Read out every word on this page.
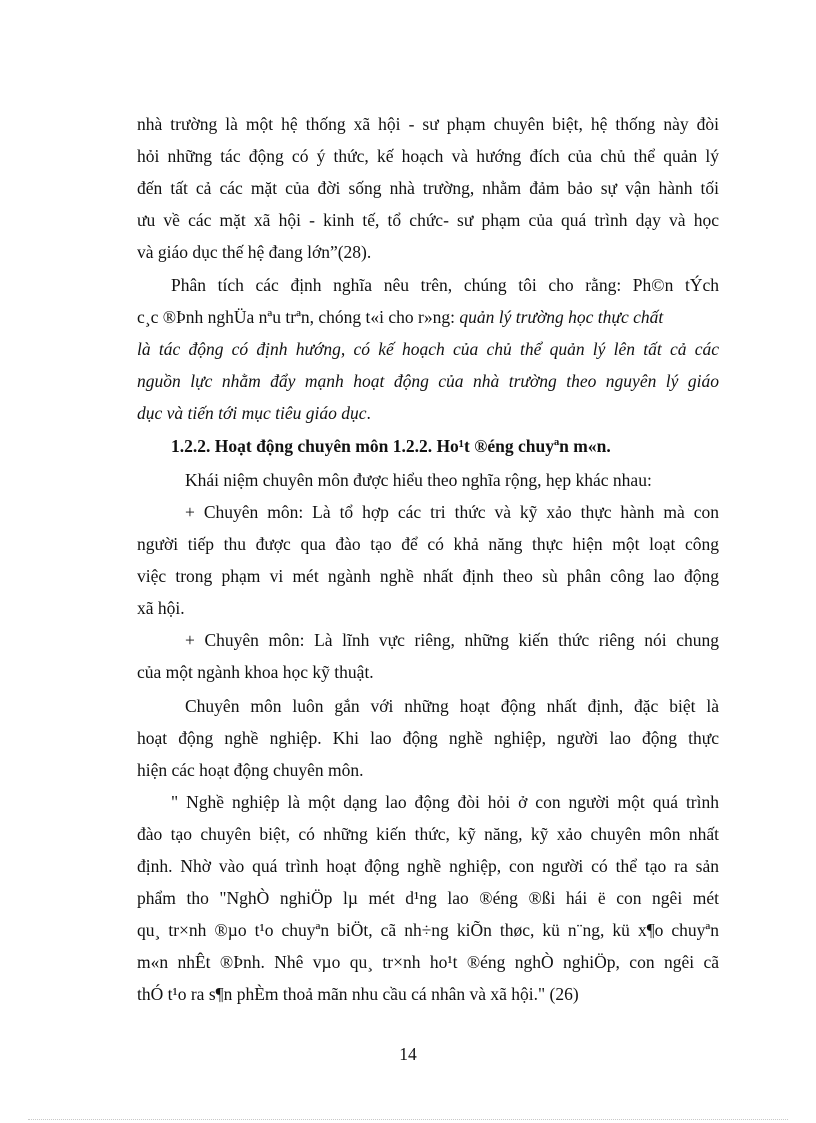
nhà trường là một hệ thống xã hội - sư phạm chuyên biệt, hệ thống này đòi
hỏi những tác động có ý thức, kế hoạch và hướng đích của chủ thể quản lý
đến tất cả các mặt của đời sống nhà trường, nhằm đảm bảo sự vận hành tối
ưu về các mặt xã hội - kinh tế, tổ chức- sư phạm của quá trình dạy và học
và giáo dục thế hệ đang lớn”(28).
Phân tích các định nghĩa nêu trên, chúng tôi cho rằng: Ph©n tÝch
c¸c ®Þnh nghÜa nªu trªn, chóng t«i cho r»ng: quản lý trường học thực chất
là tác động có định hướng, có kế hoạch của chủ thể quản lý lên tất cả các
nguồn lực nhằm đẩy mạnh hoạt động của nhà trường theo nguyên lý giáo
dục và tiến tới mục tiêu giáo dục.
1.2.2. Hoạt động chuyên môn 1.2.2. Ho¹t ®éng chuyªn m«n.
Khái niệm chuyên môn được hiểu theo nghĩa rộng, hẹp khác nhau:
+ Chuyên môn: Là tổ hợp các tri thức và kỹ xảo thực hành mà con
người tiếp thu được qua đào tạo để có khả năng thực hiện một loạt công
việc trong phạm vi mét ngành nghề nhất định theo sù phân công lao động
xã hội.
+ Chuyên môn: Là lĩnh vực riêng, những kiến thức riêng nói chung
của một ngành khoa học kỹ thuật.
Chuyên môn luôn gắn với những hoạt động nhất định, đặc biệt là
hoạt động nghề nghiệp. Khi lao động nghề nghiệp, người lao động thực
hiện các hoạt động chuyên môn.
" Nghề nghiệp là một dạng lao động đòi hỏi ở con người một quá trình
đào tạo chuyên biệt, có những kiến thức, kỹ năng, kỹ xảo chuyên môn nhất
định. Nhờ vào quá trình hoạt động nghề nghiệp, con người có thể tạo ra sản
phẩm tho "NghÒ nghiÖp lµ mét d¹ng lao ®éng ®ßi hái ë con ngêi mét
qu¸ tr×nh ®µo t¹o chuyªn biÖt, cã nh÷ng kiÕn thøc, kü n¨ng, kü x¶o chuyªn
m«n nhÊt ®Þnh. Nhê vµo qu¸ tr×nh ho¹t ®éng nghÒ nghiÖp, con ngêi cã
thÓ t¹o ra s¶n phÈm thoả mãn nhu cầu cá nhân và xã hội." (26)
14
